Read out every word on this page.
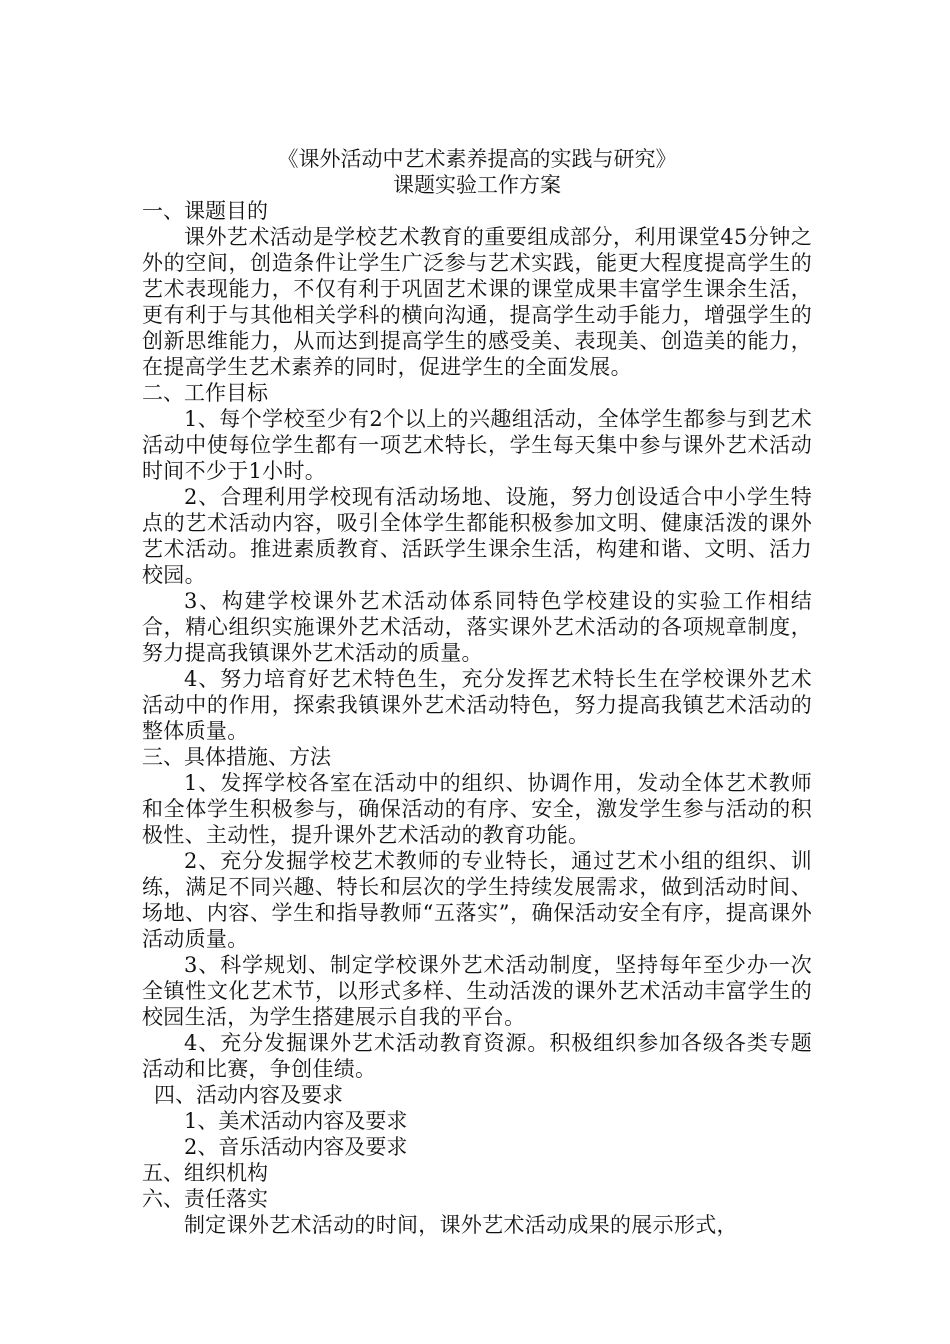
《课外活动中艺术素养提高的实践与研究》
课题实验工作方案

一、课题目的

课外艺术活动是学校艺术教育的重要组成部分，利用课堂45分钟之外的空间，创造条件让学生广泛参与艺术实践，能更大程度提高学生的艺术表现能力，不仅有利于巩固艺术课的课堂成果丰富学生课余生活，更有利于与其他相关学科的横向沟通，提高学生动手能力，增强学生的创新思维能力，从而达到提高学生的感受美、表现美、创造美的能力，在提高学生艺术素养的同时，促进学生的全面发展。

二、工作目标

1、每个学校至少有2个以上的兴趣组活动，全体学生都参与到艺术活动中使每位学生都有一项艺术特长，学生每天集中参与课外艺术活动时间不少于1小时。

2、合理利用学校现有活动场地、设施，努力创设适合中小学生特点的艺术活动内容，吸引全体学生都能积极参加文明、健康活泼的课外艺术活动。推进素质教育、活跃学生课余生活，构建和谐、文明、活力校园。

3、构建学校课外艺术活动体系同特色学校建设的实验工作相结合，精心组织实施课外艺术活动，落实课外艺术活动的各项规章制度，努力提高我镇课外艺术活动的质量。

4、努力培育好艺术特色生，充分发挥艺术特长生在学校课外艺术活动中的作用，探索我镇课外艺术活动特色，努力提高我镇艺术活动的整体质量。

三、具体措施、方法

1、发挥学校各室在活动中的组织、协调作用，发动全体艺术教师和全体学生积极参与，确保活动的有序、安全，激发学生参与活动的积极性、主动性，提升课外艺术活动的教育功能。

2、充分发掘学校艺术教师的专业特长，通过艺术小组的组织、训练，满足不同兴趣、特长和层次的学生持续发展需求，做到活动时间、场地、内容、学生和指导教师“五落实”，确保活动安全有序，提高课外活动质量。

3、科学规划、制定学校课外艺术活动制度，坚持每年至少办一次全镇性文化艺术节，以形式多样、生动活泼的课外艺术活动丰富学生的校园生活，为学生搭建展示自我的平台。

4、充分发掘课外艺术活动教育资源。积极组织参加各级各类专题活动和比赛，争创佳绩。

四、活动内容及要求

1、美术活动内容及要求

2、音乐活动内容及要求

五、组织机构

六、责任落实

制定课外艺术活动的时间，课外艺术活动成果的展示形式，
